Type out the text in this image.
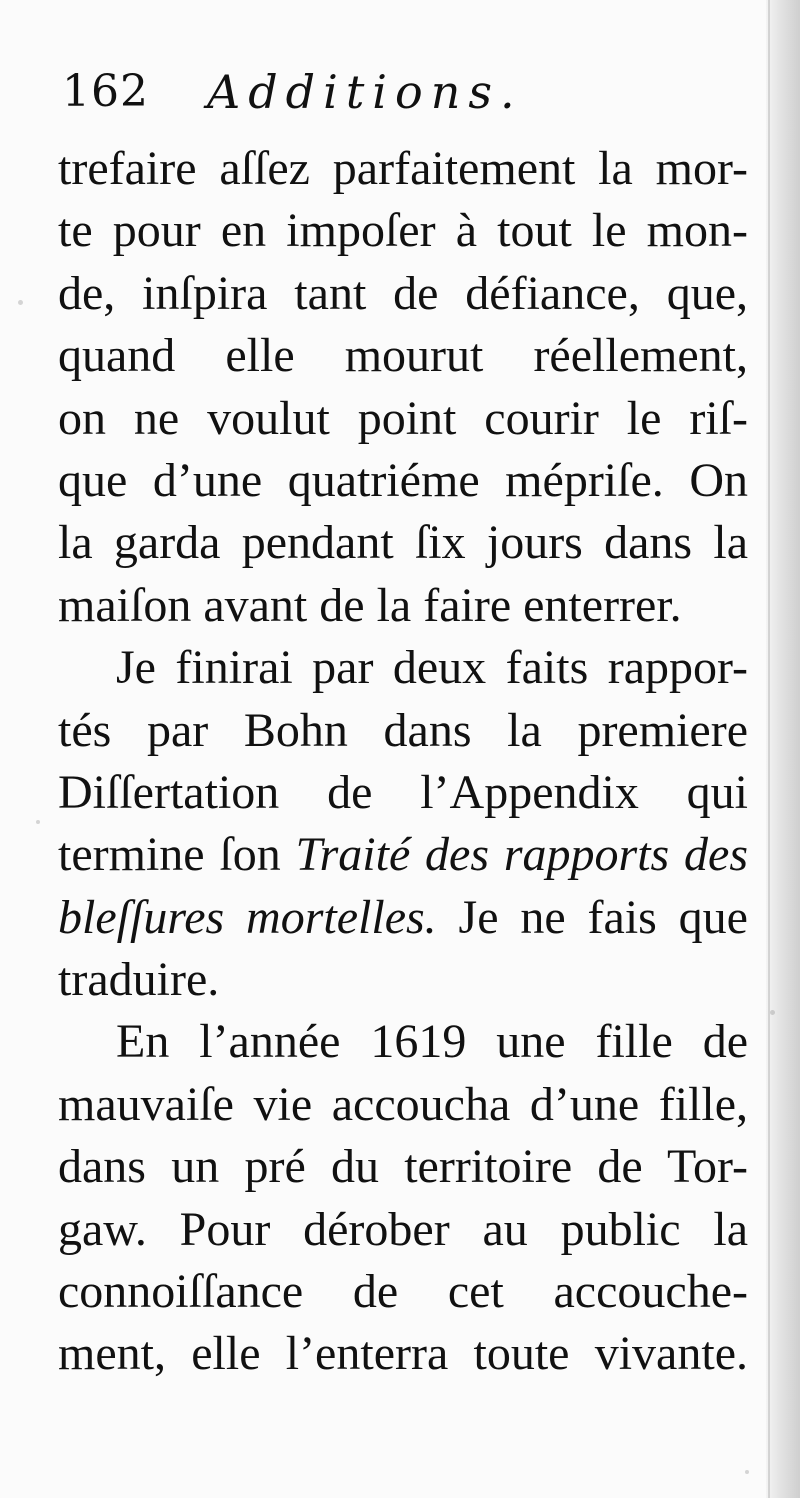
162 Additions.
trefaire aſſez parfaitement la mor-
te pour en impoſer à tout le mon-
de, inſpira tant de défiance, que,
quand elle mourut réellement,
on ne voulut point courir le riſ-
que d’une quatriéme mépriſe. On
la garda pendant ſix jours dans la
maiſon avant de la faire enterrer.
Je finirai par deux faits rappor-
tés par Bohn dans la premiere
Diſſertation de l’Appendix qui
termine ſon Traité des rapports des
bleſſures mortelles. Je ne fais que
traduire.
En l’année 1619 une fille de
mauvaiſe vie accoucha d’une fille,
dans un pré du territoire de Tor-
gaw. Pour dérober au public la
connoiſſance de cet accouche-
ment, elle l’enterra toute vivante.
